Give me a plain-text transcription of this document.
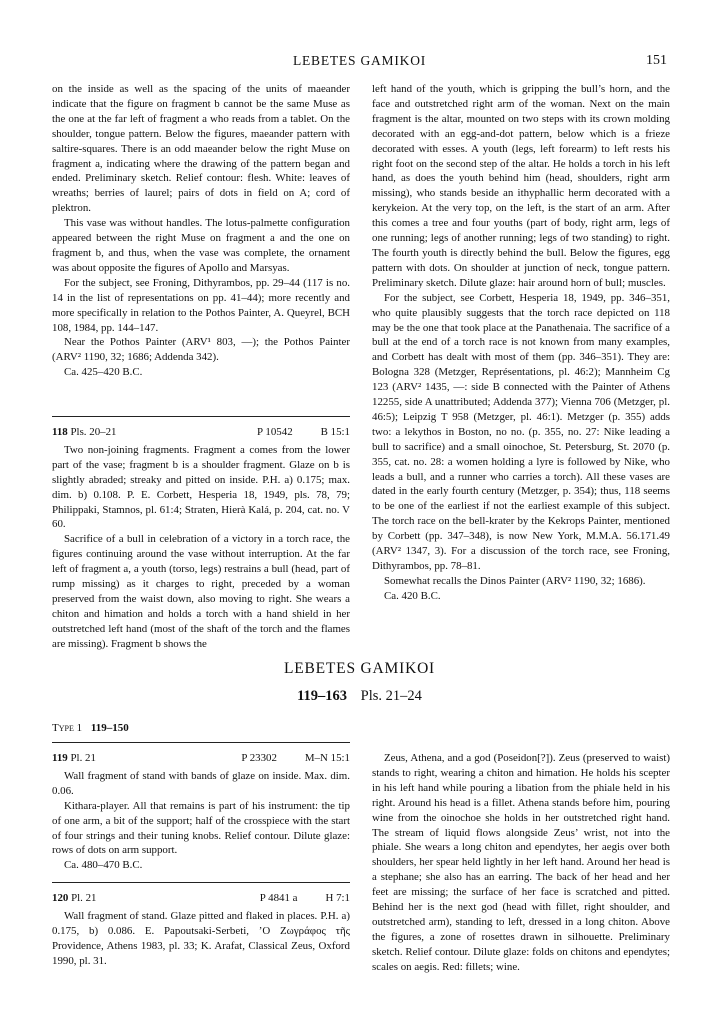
LEBETES GAMIKOI	151

on the inside as well as the spacing of the units of maeander indicate that the figure on fragment b cannot be the same Muse as the one at the far left of fragment a who reads from a tablet. On the shoulder, tongue pattern. Below the figures, maeander pattern with saltire-squares. There is an odd maeander below the right Muse on fragment a, indicating where the drawing of the pattern began and ended. Preliminary sketch. Relief contour: flesh. White: leaves of wreaths; berries of laurel; pairs of dots in field on A; cord of plektron.

This vase was without handles. The lotus-palmette configuration appeared between the right Muse on fragment a and the one on fragment b, and thus, when the vase was complete, the ornament was about opposite the figures of Apollo and Marsyas.

For the subject, see Froning, Dithyrambos, pp. 29–44 (117 is no. 14 in the list of representations on pp. 41–44); more recently and more specifically in relation to the Pothos Painter, A. Queyrel, BCH 108, 1984, pp. 144–147.

Near the Pothos Painter (ARV¹ 803, —); the Pothos Painter (ARV² 1190, 32; 1686; Addenda 342).

Ca. 425–420 B.C.

118 Pls. 20–21	P 10542	B 15:1

Two non-joining fragments. Fragment a comes from the lower part of the vase; fragment b is a shoulder fragment. Glaze on b is slightly abraded; streaky and pitted on inside. P.H. a) 0.175; max. dim. b) 0.108. P. E. Corbett, Hesperia 18, 1949, pls. 78, 79; Philippaki, Stamnos, pl. 61:4; Straten, Hierà Kalá, p. 204, cat. no. V 60.

Sacrifice of a bull in celebration of a victory in a torch race, the figures continuing around the vase without interruption. At the far left of fragment a, a youth (torso, legs) restrains a bull (head, part of rump missing) as it charges to right, preceded by a woman preserved from the waist down, also moving to right. She wears a chiton and himation and holds a torch with a hand shield in her outstretched left hand (most of the shaft of the torch and the flames are missing). Fragment b shows the

left hand of the youth, which is gripping the bull’s horn, and the face and outstretched right arm of the woman. Next on the main fragment is the altar, mounted on two steps with its crown molding decorated with an egg-and-dot pattern, below which is a frieze decorated with esses. A youth (legs, left forearm) to left rests his right foot on the second step of the altar. He holds a torch in his left hand, as does the youth behind him (head, shoulders, right arm missing), who stands beside an ithyphallic herm decorated with a kerykeion. At the very top, on the left, is the start of an arm. After this comes a tree and four youths (part of body, right arm, legs of one running; legs of another running; legs of two standing) to right. The fourth youth is directly behind the bull. Below the figures, egg pattern with dots. On shoulder at junction of neck, tongue pattern. Preliminary sketch. Dilute glaze: hair around horn of bull; muscles.

For the subject, see Corbett, Hesperia 18, 1949, pp. 346–351, who quite plausibly suggests that the torch race depicted on 118 may be the one that took place at the Panathenaia. The sacrifice of a bull at the end of a torch race is not known from many examples, and Corbett has dealt with most of them (pp. 346–351). They are: Bologna 328 (Metzger, Représentations, pl. 46:2); Mannheim Cg 123 (ARV² 1435, —: side B connected with the Painter of Athens 12255, side A unattributed; Addenda 377); Vienna 706 (Metzger, pl. 46:5); Leipzig T 958 (Metzger, pl. 46:1). Metzger (p. 355) adds two: a lekythos in Boston, no no. (p. 355, no. 27: Nike leading a bull to sacrifice) and a small oinochoe, St. Petersburg, St. 2070 (p. 355, cat. no. 28: a women holding a lyre is followed by Nike, who leads a bull, and a runner who carries a torch). All these vases are dated in the early fourth century (Metzger, p. 354); thus, 118 seems to be one of the earliest if not the earliest example of this subject. The torch race on the bell-krater by the Kekrops Painter, mentioned by Corbett (pp. 347–348), is now New York, M.M.A. 56.171.49 (ARV² 1347, 3). For a discussion of the torch race, see Froning, Dithyrambos, pp. 78–81.

Somewhat recalls the Dinos Painter (ARV² 1190, 32; 1686).

Ca. 420 B.C.

LEBETES GAMIKOI
119–163 Pls. 21–24
Type 1 119–150
119 Pl. 21	P 23302	M–N 15:1

Wall fragment of stand with bands of glaze on inside. Max. dim. 0.06.

Kithara-player. All that remains is part of his instrument: the tip of one arm, a bit of the support; half of the crosspiece with the start of four strings and their tuning knobs. Relief contour. Dilute glaze: rows of dots on arm support.

Ca. 480–470 B.C.

120 Pl. 21	P 4841 a	H 7:1

Wall fragment of stand. Glaze pitted and flaked in places. P.H. a) 0.175, b) 0.086. E. Papoutsaki-Serbeti, ’Ο Ζωγράφος τῆς Providence, Athens 1983, pl. 33; K. Arafat, Classical Zeus, Oxford 1990, pl. 31.

Zeus, Athena, and a god (Poseidon[?]). Zeus (preserved to waist) stands to right, wearing a chiton and himation. He holds his scepter in his left hand while pouring a libation from the phiale held in his right. Around his head is a fillet. Athena stands before him, pouring wine from the oinochoe she holds in her outstretched right hand. The stream of liquid flows alongside Zeus’ wrist, not into the phiale. She wears a long chiton and ependytes, her aegis over both shoulders, her spear held lightly in her left hand. Around her head is a stephane; she also has an earring. The back of her head and her feet are missing; the surface of her face is scratched and pitted. Behind her is the next god (head with fillet, right shoulder, and outstretched arm), standing to left, dressed in a long chiton. Above the figures, a zone of rosettes drawn in silhouette. Preliminary sketch. Relief contour. Dilute glaze: folds on chitons and ependytes; scales on aegis. Red: fillets; wine.
